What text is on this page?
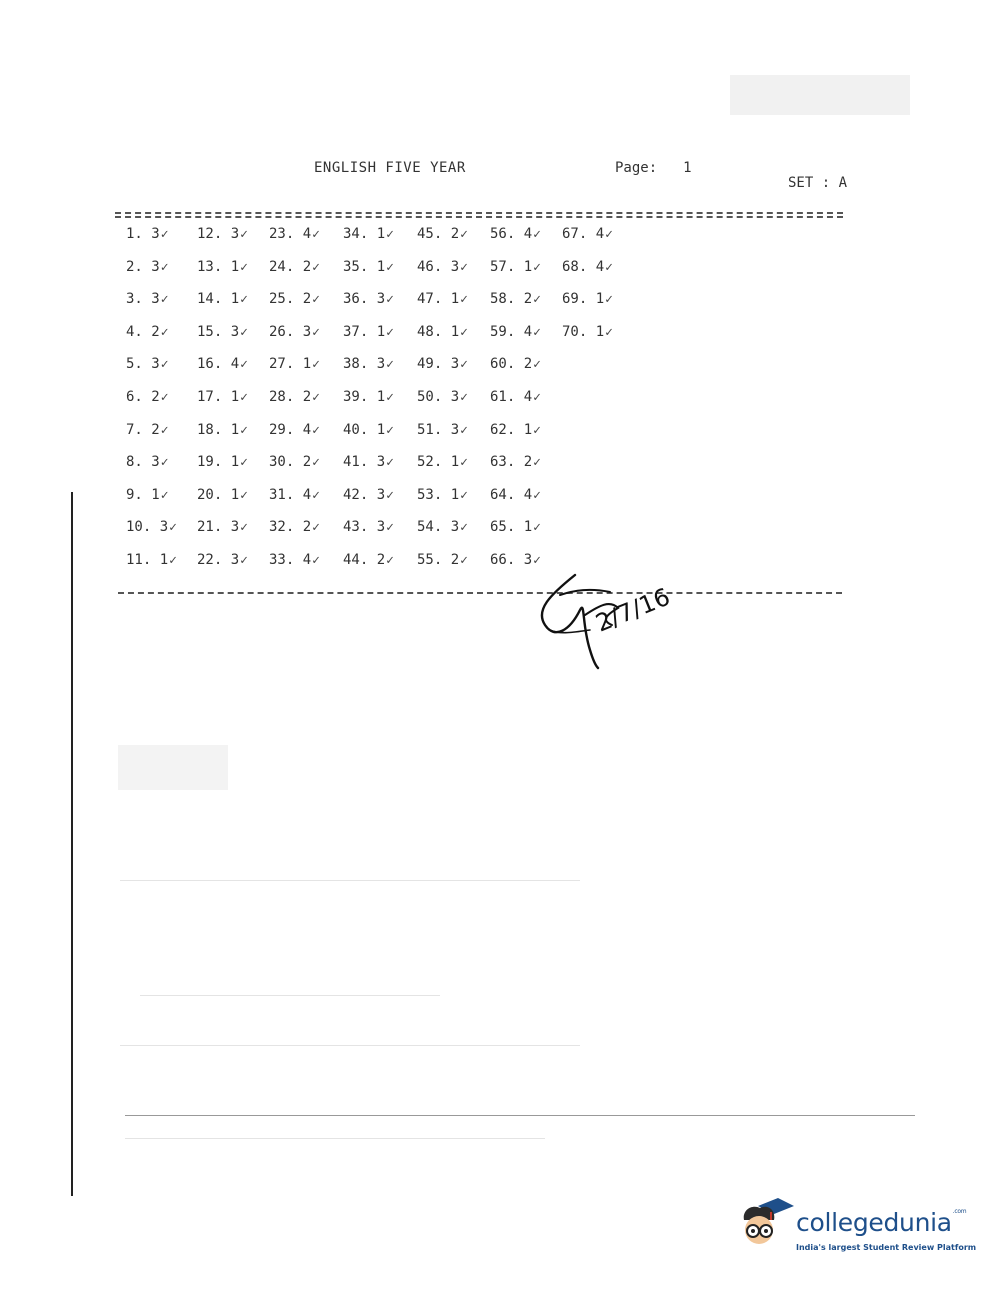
ENGLISH FIVE YEAR	Page: 1
SET : A
1. 3✓
2. 3✓
3. 3✓
4. 2✓
5. 3✓
6. 2✓
7. 2✓
8. 3✓
9. 1✓
10. 3✓
11. 1✓
12. 3✓
13. 1✓
14. 1✓
15. 3✓
16. 4✓
17. 1✓
18. 1✓
19. 1✓
20. 1✓
21. 3✓
22. 3✓
23. 4✓
24. 2✓
25. 2✓
26. 3✓
27. 1✓
28. 2✓
29. 4✓
30. 2✓
31. 4✓
32. 2✓
33. 4✓
34. 1✓
35. 1✓
36. 3✓
37. 1✓
38. 3✓
39. 1✓
40. 1✓
41. 3✓
42. 3✓
43. 3✓
44. 2✓
45. 2✓
46. 3✓
47. 1✓
48. 1✓
49. 3✓
50. 3✓
51. 3✓
52. 1✓
53. 1✓
54. 3✓
55. 2✓
56. 4✓
57. 1✓
58. 2✓
59. 4✓
60. 2✓
61. 4✓
62. 1✓
63. 2✓
64. 4✓
65. 1✓
66. 3✓
67. 4✓
68. 4✓
69. 1✓
70. 1✓
2/7/16
collegedunia$^{.com}$
India's largest Student Review Platform
